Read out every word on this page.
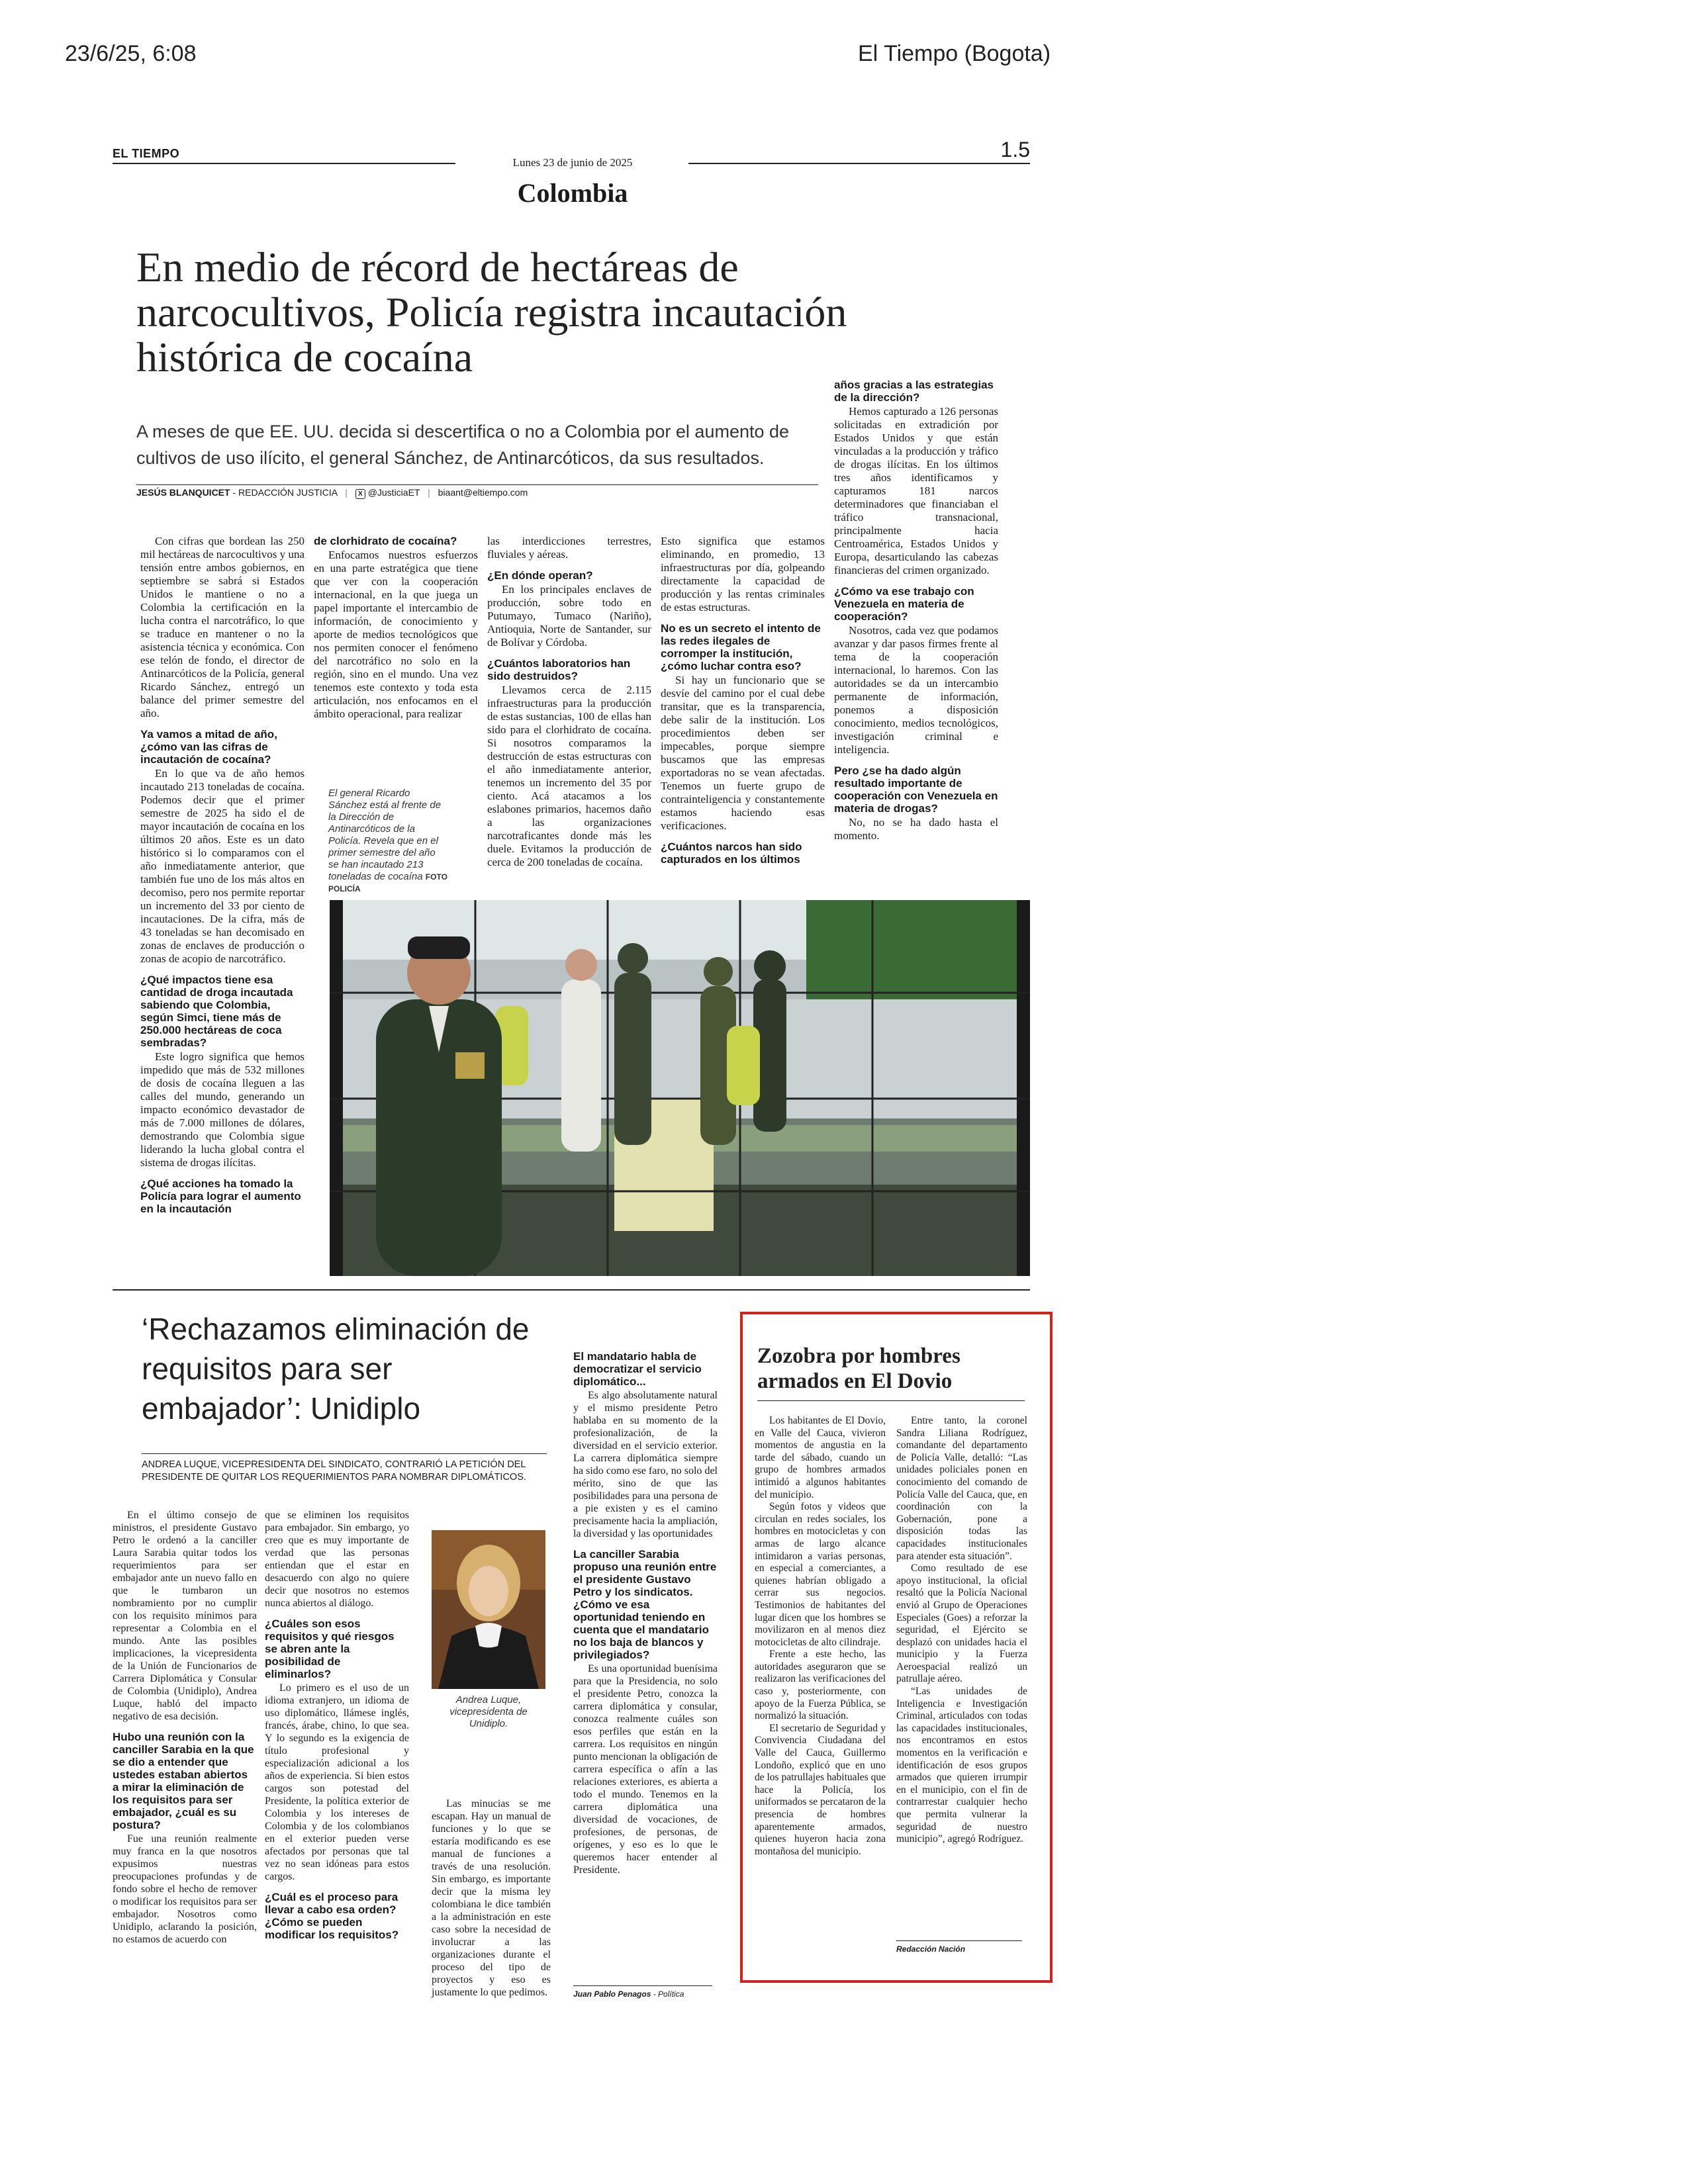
23/6/25, 6:08	El Tiempo (Bogota)
EL TIEMPO
Lunes 23 de junio de 2025
1.5
Colombia
En medio de récord de hectáreas de narcocultivos, Policía registra incautación histórica de cocaína
A meses de que EE. UU. decida si descertifica o no a Colombia por el aumento de cultivos de uso ilícito, el general Sánchez, de Antinarcóticos, da sus resultados.
JESÚS BLANQUICET - REDACCIÓN JUSTICIA | X @JusticiaET | biaant@eltiempo.com

Con cifras que bordean las 250 mil hectáreas de narcocultivos y una tensión entre ambos gobiernos, en septiembre se sabrá si Estados Unidos le mantiene o no a Colombia la certificación en la lucha contra el narcotráfico, lo que se traduce en mantener o no la asistencia técnica y económica. Con ese telón de fondo, el director de Antinarcóticos de la Policía, general Ricardo Sánchez, entregó un balance del primer semestre del año.

Ya vamos a mitad de año, ¿cómo van las cifras de incautación de cocaína?

En lo que va de año hemos incautado 213 toneladas de cocaína. Podemos decir que el primer semestre de 2025 ha sido el de mayor incautación de cocaína en los últimos 20 años. Este es un dato histórico si lo comparamos con el año inmediatamente anterior, que también fue uno de los más altos en decomiso, pero nos permite reportar un incremento del 33 por ciento de incautaciones. De la cifra, más de 43 toneladas se han decomisado en zonas de enclaves de producción o zonas de acopio de narcotráfico.

¿Qué impactos tiene esa cantidad de droga incautada sabiendo que Colombia, según Simci, tiene más de 250.000 hectáreas de coca sembradas?

Este logro significa que hemos impedido que más de 532 millones de dosis de cocaína lleguen a las calles del mundo, generando un impacto económico devastador de más de 7.000 millones de dólares, demostrando que Colombia sigue liderando la lucha global contra el sistema de drogas ilícitas.

¿Qué acciones ha tomado la Policía para lograr el aumento en la incautación

de clorhidrato de cocaína?

Enfocamos nuestros esfuerzos en una parte estratégica que tiene que ver con la cooperación internacional, en la que juega un papel importante el intercambio de información, de conocimiento y aporte de medios tecnológicos que nos permiten conocer el fenómeno del narcotráfico no solo en la región, sino en el mundo. Una vez tenemos este contexto y toda esta articulación, nos enfocamos en el ámbito operacional, para realizar

las interdicciones terrestres, fluviales y aéreas.

¿En dónde operan?

En los principales enclaves de producción, sobre todo en Putumayo, Tumaco (Nariño), Antioquia, Norte de Santander, sur de Bolívar y Córdoba.

¿Cuántos laboratorios han sido destruidos?

Llevamos cerca de 2.115 infraestructuras para la producción de estas sustancias, 100 de ellas han sido para el clorhidrato de cocaína. Si nosotros comparamos la destrucción de estas estructuras con el año inmediatamente anterior, tenemos un incremento del 35 por ciento. Acá atacamos a los eslabones primarios, hacemos daño a las organizaciones narcotraficantes donde más les duele. Evitamos la producción de cerca de 200 toneladas de cocaína.

Esto significa que estamos eliminando, en promedio, 13 infraestructuras por día, golpeando directamente la capacidad de producción y las rentas criminales de estas estructuras.

No es un secreto el intento de las redes ilegales de corromper la institución, ¿cómo luchar contra eso?

Si hay un funcionario que se desvíe del camino por el cual debe transitar, que es la transparencia, debe salir de la institución. Los procedimientos deben ser impecables, porque siempre buscamos que las empresas exportadoras no se vean afectadas. Tenemos un fuerte grupo de contrainteligencia y constantemente estamos haciendo esas verificaciones.

¿Cuántos narcos han sido capturados en los últimos

años gracias a las estrategias de la dirección?

Hemos capturado a 126 personas solicitadas en extradición por Estados Unidos y que están vinculadas a la producción y tráfico de drogas ilícitas. En los últimos tres años identificamos y capturamos 181 narcos determinadores que financiaban el tráfico transnacional, principalmente hacia Centroamérica, Estados Unidos y Europa, desarticulando las cabezas financieras del crimen organizado.

¿Cómo va ese trabajo con Venezuela en materia de cooperación?

Nosotros, cada vez que podamos avanzar y dar pasos firmes frente al tema de la cooperación internacional, lo haremos. Con las autoridades se da un intercambio permanente de información, ponemos a disposición conocimiento, medios tecnológicos, investigación criminal e inteligencia.

Pero ¿se ha dado algún resultado importante de cooperación con Venezuela en materia de drogas?

No, no se ha dado hasta el momento.

El general Ricardo Sánchez está al frente de la Dirección de Antinarcóticos de la Policía. Revela que en el primer semestre del año se han incautado 213 toneladas de cocaína FOTO POLICÍA
‘Rechazamos eliminación de requisitos para ser embajador’: Unidiplo
ANDREA LUQUE, VICEPRESIDENTA DEL SINDICATO, CONTRARIÓ LA PETICIÓN DEL PRESIDENTE DE QUITAR LOS REQUERIMIENTOS PARA NOMBRAR DIPLOMÁTICOS.

En el último consejo de ministros, el presidente Gustavo Petro le ordenó a la canciller Laura Sarabia quitar todos los requerimientos para ser embajador ante un nuevo fallo en que le tumbaron un nombramiento por no cumplir con los requisito mínimos para representar a Colombia en el mundo. Ante las posibles implicaciones, la vicepresidenta de la Unión de Funcionarios de Carrera Diplomática y Consular de Colombia (Unidiplo), Andrea Luque, habló del impacto negativo de esa decisión.

Hubo una reunión con la canciller Sarabia en la que se dio a entender que ustedes estaban abiertos a mirar la eliminación de los requisitos para ser embajador, ¿cuál es su postura?

Fue una reunión realmente muy franca en la que nosotros expusimos nuestras preocupaciones profundas y de fondo sobre el hecho de remover o modificar los requisitos para ser embajador. Nosotros como Unidiplo, aclarando la posición, no estamos de acuerdo con

que se eliminen los requisitos para embajador. Sin embargo, yo creo que es muy importante de verdad que las personas entiendan que el estar en desacuerdo con algo no quiere decir que nosotros no estemos nunca abiertos al diálogo.

¿Cuáles son esos requisitos y qué riesgos se abren ante la posibilidad de eliminarlos?

Lo primero es el uso de un idioma extranjero, un idioma de uso diplomático, llámese inglés, francés, árabe, chino, lo que sea. Y lo segundo es la exigencia de título profesional y especialización adicional a los años de experiencia. Si bien estos cargos son potestad del Presidente, la política exterior de Colombia y los intereses de Colombia y de los colombianos en el exterior pueden verse afectados por personas que tal vez no sean idóneas para estos cargos.

¿Cuál es el proceso para llevar a cabo esa orden? ¿Cómo se pueden modificar los requisitos?

Andrea Luque, vicepresidenta de Unidiplo.

Las minucias se me escapan. Hay un manual de funciones y lo que se estaría modificando es ese manual de funciones a través de una resolución. Sin embargo, es importante decir que la misma ley colombiana le dice también a la administración en este caso sobre la necesidad de involucrar a las organizaciones durante el proceso del tipo de proyectos y eso es justamente lo que pedimos.

El mandatario habla de democratizar el servicio diplomático...

Es algo absolutamente natural y el mismo presidente Petro hablaba en su momento de la profesionalización, de la diversidad en el servicio exterior. La carrera diplomática siempre ha sido como ese faro, no solo del mérito, sino de que las posibilidades para una persona de a pie existen y es el camino precisamente hacia la ampliación, la diversidad y las oportunidades

La canciller Sarabia propuso una reunión entre el presidente Gustavo Petro y los sindicatos. ¿Cómo ve esa oportunidad teniendo en cuenta que el mandatario no los baja de blancos y privilegiados?

Es una oportunidad buenísima para que la Presidencia, no solo el presidente Petro, conozca la carrera diplomática y consular, conozca realmente cuáles son esos perfiles que están en la carrera. Los requisitos en ningún punto mencionan la obligación de carrera específica o afín a las relaciones exteriores, es abierta a todo el mundo. Tenemos en la carrera diplomática una diversidad de vocaciones, de profesiones, de personas, de orígenes, y eso es lo que le queremos hacer entender al Presidente.

Juan Pablo Penagos - Política
Zozobra por hombres armados en El Dovio

Los habitantes de El Dovio, en Valle del Cauca, vivieron momentos de angustia en la tarde del sábado, cuando un grupo de hombres armados intimidó a algunos habitantes del municipio.

Según fotos y videos que circulan en redes sociales, los hombres en motocicletas y con armas de largo alcance intimidaron a varias personas, en especial a comerciantes, a quienes habrían obligado a cerrar sus negocios. Testimonios de habitantes del lugar dicen que los hombres se movilizaron en al menos diez motocicletas de alto cilindraje.

Frente a este hecho, las autoridades aseguraron que se realizaron las verificaciones del caso y, posteriormente, con apoyo de la Fuerza Pública, se normalizó la situación.

El secretario de Seguridad y Convivencia Ciudadana del Valle del Cauca, Guillermo Londoño, explicó que en uno de los patrullajes habituales que hace la Policía, los uniformados se percataron de la presencia de hombres aparentemente armados, quienes huyeron hacia zona montañosa del municipio.

Entre tanto, la coronel Sandra Liliana Rodríguez, comandante del departamento de Policía Valle, detalló: “Las unidades policiales ponen en conocimiento del comando de Policía Valle del Cauca, que, en coordinación con la Gobernación, pone a disposición todas las capacidades institucionales para atender esta situación”.

Como resultado de ese apoyo institucional, la oficial resaltó que la Policía Nacional envió al Grupo de Operaciones Especiales (Goes) a reforzar la seguridad, el Ejército se desplazó con unidades hacia el municipio y la Fuerza Aeroespacial realizó un patrullaje aéreo.

“Las unidades de Inteligencia e Investigación Criminal, articulados con todas las capacidades institucionales, nos encontramos en estos momentos en la verificación e identificación de esos grupos armados que quieren irrumpir en el municipio, con el fin de contrarrestar cualquier hecho que permita vulnerar la seguridad de nuestro municipio”, agregó Rodríguez.

Redacción Nación
